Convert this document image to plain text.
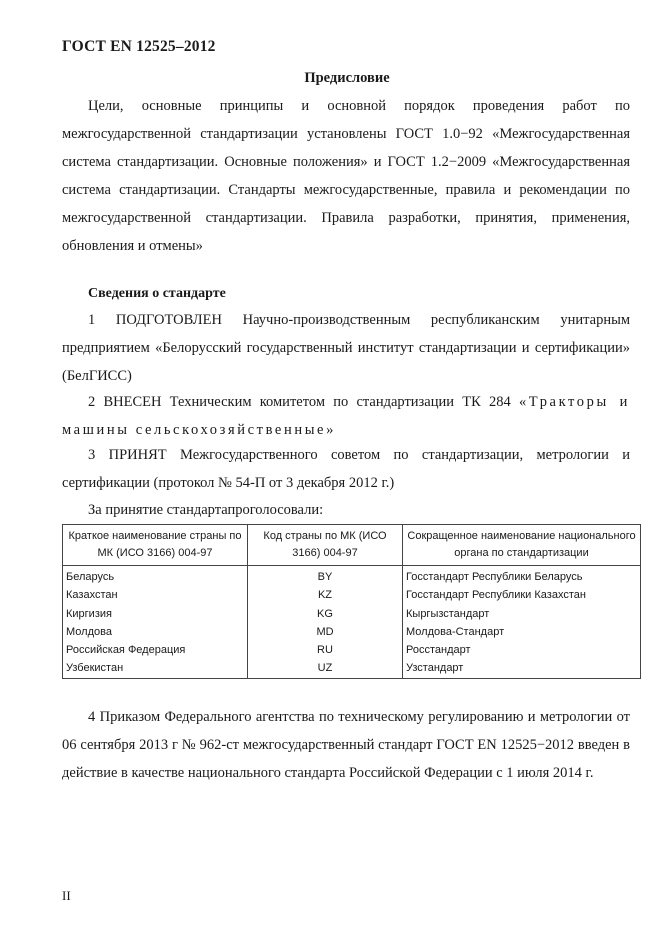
ГОСТ EN 12525–2012
Предисловие

Цели, основные принципы и основной порядок проведения работ по межгосударственной стандартизации установлены ГОСТ 1.0−92 «Межгосударственная система стандартизации. Основные положения» и ГОСТ 1.2−2009 «Межгосударственная система стандартизации. Стандарты межгосударственные, правила и рекомендации по межгосударственной стандартизации. Правила разработки, принятия, применения, обновления и отмены»

Сведения о стандарте

1 ПОДГОТОВЛЕН Научно-производственным республиканским унитарным предприятием «Белорусский государственный институт стандартизации и сертификации» (БелГИСС)

2 ВНЕСЕН Техническим комитетом по стандартизации ТК 284 «Тракторы и машины сельскохозяйственные»

3 ПРИНЯТ Межгосударственного советом по стандартизации, метрологии и сертификации (протокол № 54-П от 3 декабря 2012 г.)

За принятие стандартапроголосовали:

Краткое наименование страны по МК (ИСО 3166) 004-97	Код страны по МК (ИСО 3166) 004-97	Сокращенное наименование национального органа по стандартизации
Беларусь	BY	Госстандарт Республики Беларусь
Казахстан	KZ	Госстандарт Республики Казахстан
Киргизия	KG	Кыргызстандарт
Молдова	MD	Молдова-Стандарт
Российская Федерация	RU	Росстандарт
Узбекистан	UZ	Узстандарт

4 Приказом Федерального агентства по техническому регулированию и метрологии от 06 сентября 2013 г № 962-ст межгосударственный стандарт ГОСТ EN 12525−2012 введен в действие в качестве национального стандарта Российской Федерации с 1 июля 2014 г.

II
